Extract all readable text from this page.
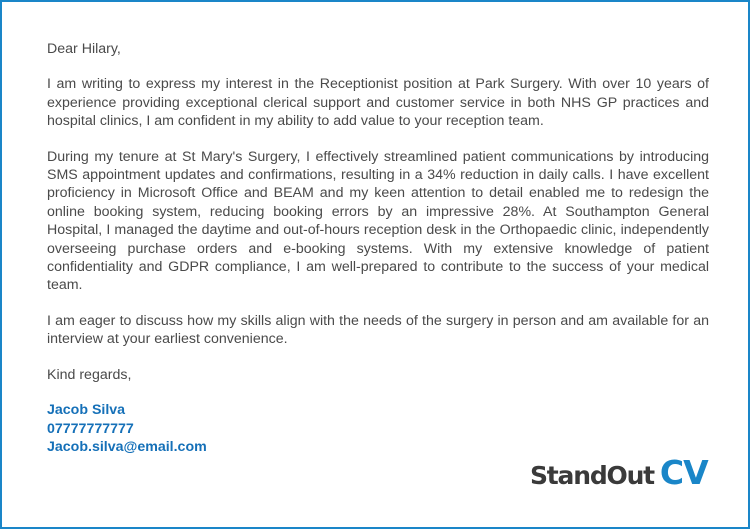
Dear Hilary,

I am writing to express my interest in the Receptionist position at Park Surgery. With over 10 years of experience providing exceptional clerical support and customer service in both NHS GP practices and hospital clinics, I am confident in my ability to add value to your reception team.

During my tenure at St Mary's Surgery, I effectively streamlined patient communications by introducing SMS appointment updates and confirmations, resulting in a 34% reduction in daily calls. I have excellent proficiency in Microsoft Office and BEAM and my keen attention to detail enabled me to redesign the online booking system, reducing booking errors by an impressive 28%. At Southampton General Hospital, I managed the daytime and out-of-hours reception desk in the Orthopaedic clinic, independently overseeing purchase orders and e-booking systems. With my extensive knowledge of patient confidentiality and GDPR compliance, I am well-prepared to contribute to the success of your medical team.

I am eager to discuss how my skills align with the needs of the surgery in person and am available for an interview at your earliest convenience.

Kind regards,

Jacob Silva
07777777777
Jacob.silva@email.com
StandOut CV
